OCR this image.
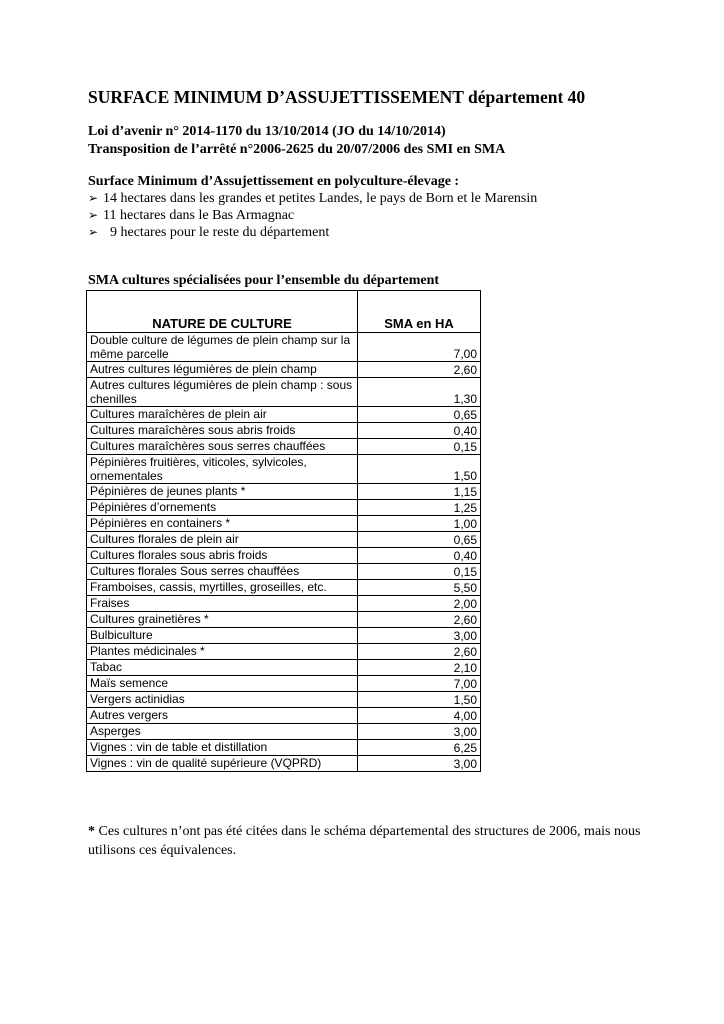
SURFACE MINIMUM D’ASSUJETTISSEMENT département 40
Loi d’avenir n° 2014-1170 du 13/10/2014 (JO du 14/10/2014)
Transposition de l’arrêté n°2006-2625 du 20/07/2006 des SMI en SMA
Surface Minimum d’Assujettissement en polyculture-élevage :
➢ 14 hectares dans les grandes et petites Landes, le pays de Born et le Marensin
➢ 11 hectares dans le Bas Armagnac
➢ 9 hectares pour le reste du département
SMA cultures spécialisées pour l’ensemble du département
NATURE DE CULTURE	SMA en HA
Double culture de légumes de plein champ sur la même parcelle	7,00
Autres cultures légumières de plein champ	2,60
Autres cultures légumières de plein champ : sous chenilles	1,30
Cultures maraîchères de plein air	0,65
Cultures maraîchères sous abris froids	0,40
Cultures maraîchères sous serres chauffées	0,15
Pépinières fruitières, viticoles, sylvicoles, ornementales	1,50
Pépinières de jeunes plants *	1,15
Pépinières d’ornements	1,25
Pépinières en containers *	1,00
Cultures florales de plein air	0,65
Cultures florales sous abris froids	0,40
Cultures florales Sous serres chauffées	0,15
Framboises, cassis, myrtilles, groseilles, etc.	5,50
Fraises	2,00
Cultures grainetières *	2,60
Bulbiculture	3,00
Plantes médicinales *	2,60
Tabac	2,10
Maïs semence	7,00
Vergers actinidias	1,50
Autres vergers	4,00
Asperges	3,00
Vignes : vin de table et distillation	6,25
Vignes : vin de qualité supérieure (VQPRD)	3,00
* Ces cultures n’ont pas été citées dans le schéma départemental des structures de 2006, mais nous utilisons ces équivalences.
